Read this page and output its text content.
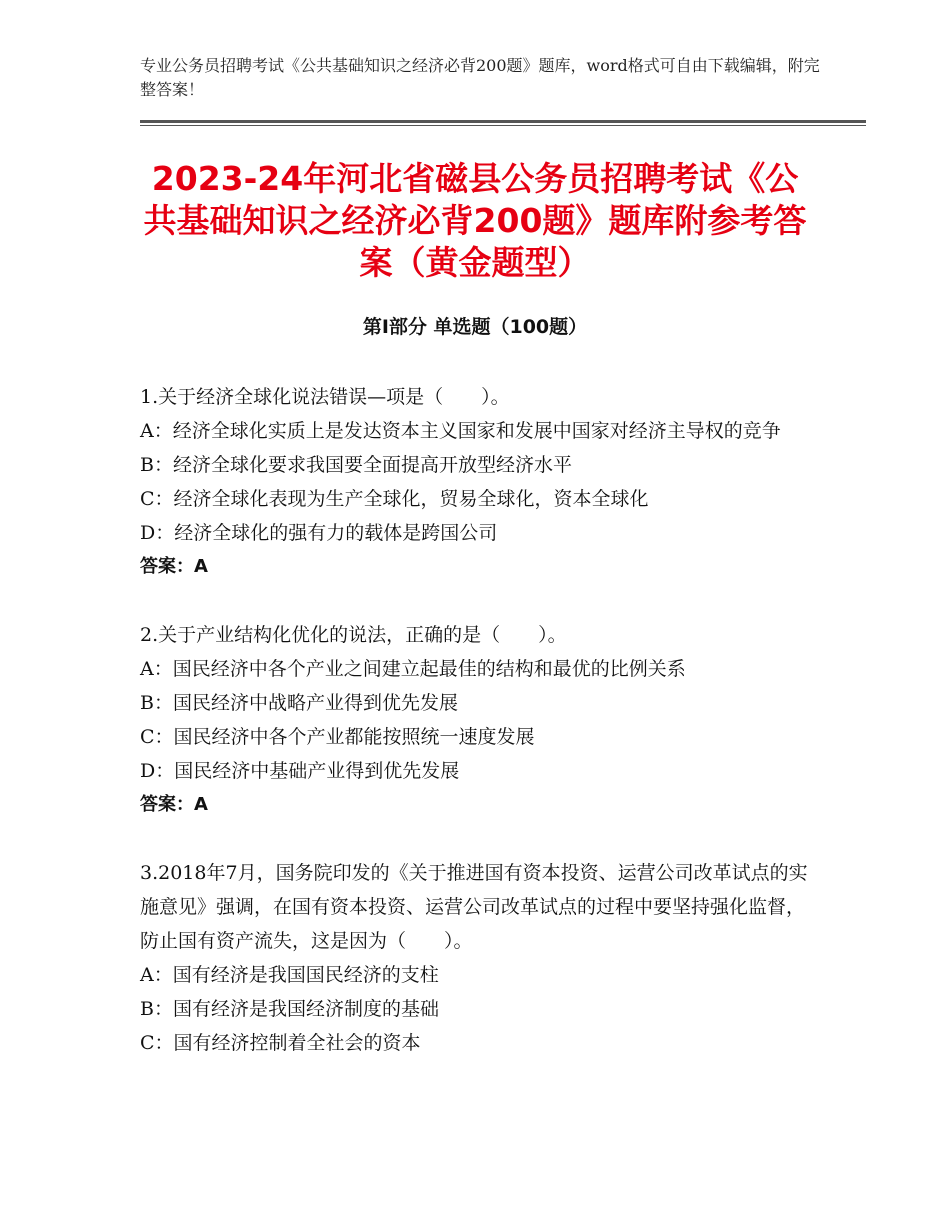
专业公务员招聘考试《公共基础知识之经济必背200题》题库，word格式可自由下载编辑，附完整答案！
2023-24年河北省磁县公务员招聘考试《公共基础知识之经济必背200题》题库附参考答案（黄金题型）
第Ⅰ部分 单选题（100题）
1.关于经济全球化说法错误—项是（　　）。
A：经济全球化实质上是发达资本主义国家和发展中国家对经济主导权的竞争
B：经济全球化要求我国要全面提高开放型经济水平
C：经济全球化表现为生产全球化，贸易全球化，资本全球化
D：经济全球化的强有力的载体是跨国公司
答案：A
2.关于产业结构化优化的说法，正确的是（　　）。
A：国民经济中各个产业之间建立起最佳的结构和最优的比例关系
B：国民经济中战略产业得到优先发展
C：国民经济中各个产业都能按照统一速度发展
D：国民经济中基础产业得到优先发展
答案：A
3.2018年7月，国务院印发的《关于推进国有资本投资、运营公司改革试点的实施意见》强调，在国有资本投资、运营公司改革试点的过程中要坚持强化监督，防止国有资产流失，这是因为（　　）。
A：国有经济是我国国民经济的支柱
B：国有经济是我国经济制度的基础
C：国有经济控制着全社会的资本
